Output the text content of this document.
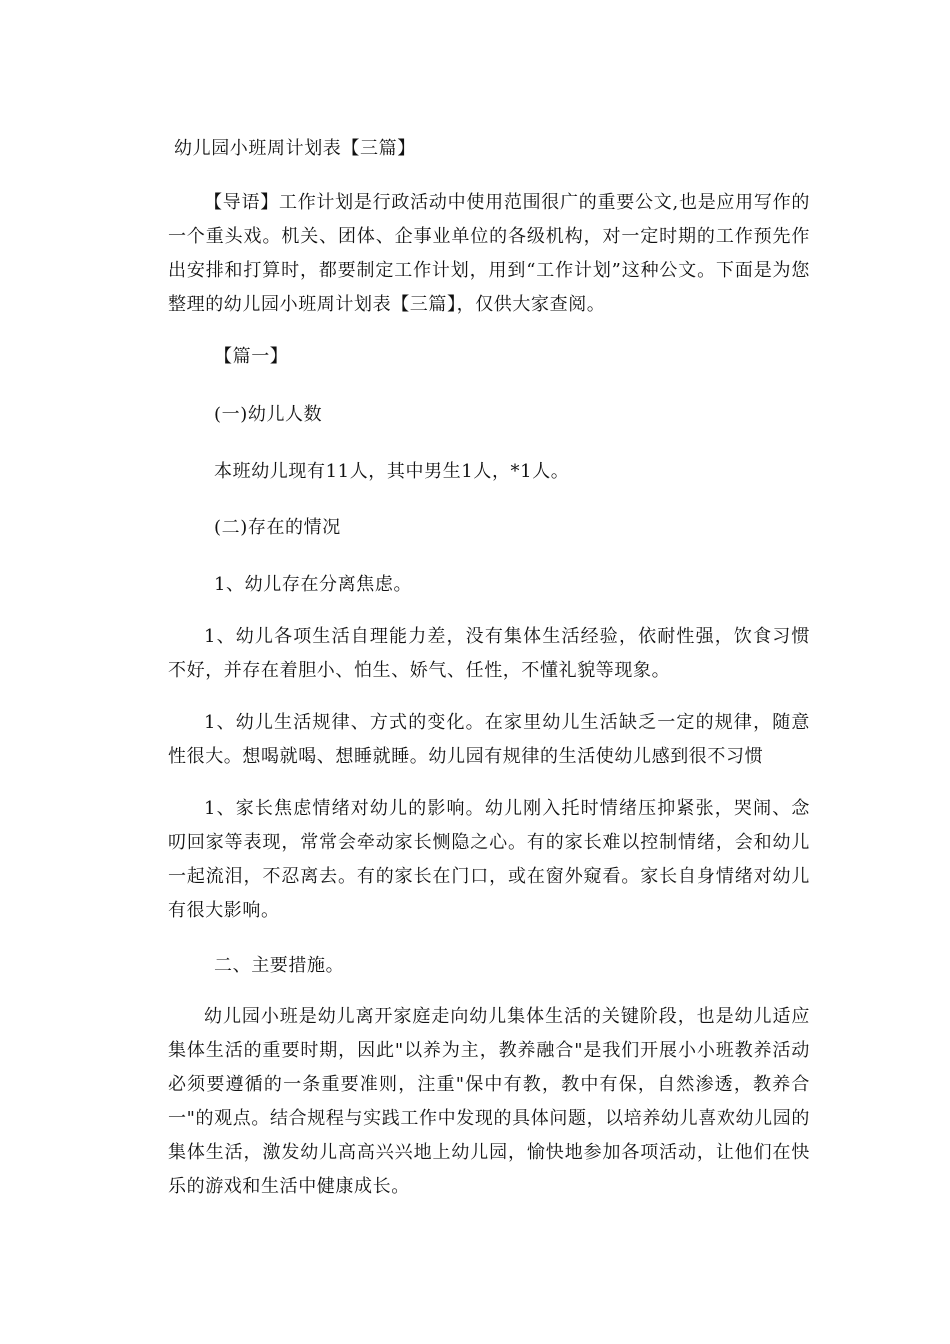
幼儿园小班周计划表【三篇】
【导语】工作计划是行政活动中使用范围很广的重要公文,也是应用写作的一个重头戏。机关、团体、企事业单位的各级机构，对一定时期的工作预先作出安排和打算时，都要制定工作计划，用到“工作计划”这种公文。下面是为您整理的幼儿园小班周计划表【三篇】，仅供大家查阅。
【篇一】
(一)幼儿人数
本班幼儿现有11人，其中男生1人，*1人。
(二)存在的情况
1、幼儿存在分离焦虑。
1、幼儿各项生活自理能力差，没有集体生活经验，依耐性强，饮食习惯不好，并存在着胆小、怕生、娇气、任性，不懂礼貌等现象。
1、幼儿生活规律、方式的变化。在家里幼儿生活缺乏一定的规律，随意性很大。想喝就喝、想睡就睡。幼儿园有规律的生活使幼儿感到很不习惯
1、家长焦虑情绪对幼儿的影响。幼儿刚入托时情绪压抑紧张，哭闹、念叨回家等表现，常常会牵动家长恻隐之心。有的家长难以控制情绪，会和幼儿一起流泪，不忍离去。有的家长在门口，或在窗外窥看。家长自身情绪对幼儿有很大影响。
二、主要措施。
幼儿园小班是幼儿离开家庭走向幼儿集体生活的关键阶段，也是幼儿适应集体生活的重要时期，因此"以养为主，教养融合"是我们开展小小班教养活动必须要遵循的一条重要准则，注重"保中有教，教中有保，自然渗透，教养合一"的观点。结合规程与实践工作中发现的具体问题，以培养幼儿喜欢幼儿园的集体生活，激发幼儿高高兴兴地上幼儿园，愉快地参加各项活动，让他们在快乐的游戏和生活中健康成长。
